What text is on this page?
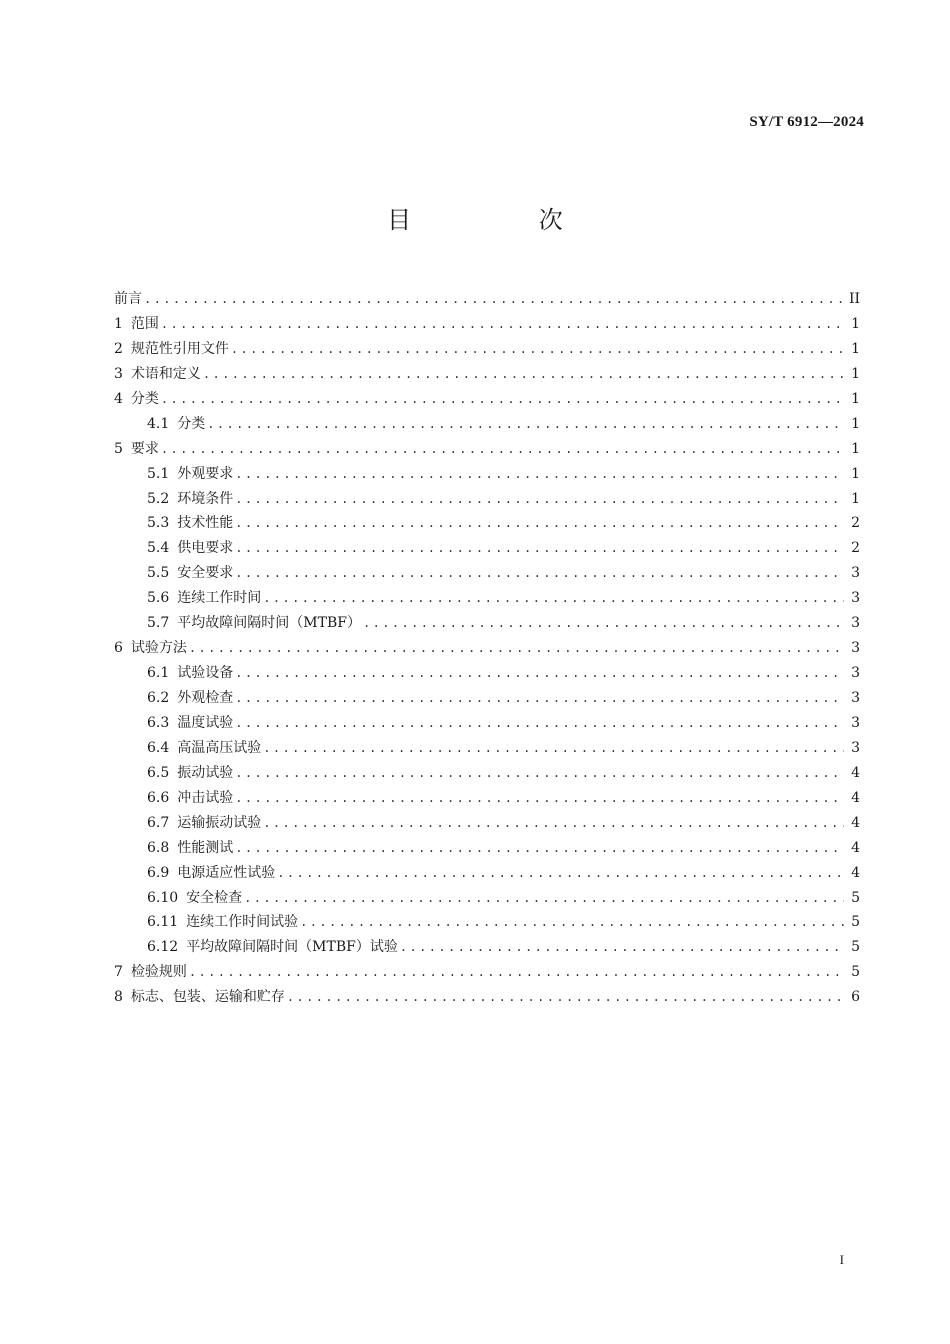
SY/T 6912—2024
目 次
前言 .....	II
1 范围 .....	1
2 规范性引用文件 .....	1
3 术语和定义 .....	1
4 分类 .....	1
4.1 分类 .....	1
5 要求 .....	1
5.1 外观要求 .....	1
5.2 环境条件 .....	1
5.3 技术性能 .....	2
5.4 供电要求 .....	2
5.5 安全要求 .....	3
5.6 连续工作时间 .....	3
5.7 平均故障间隔时间（MTBF） .....	3
6 试验方法 .....	3
6.1 试验设备 .....	3
6.2 外观检查 .....	3
6.3 温度试验 .....	3
6.4 高温高压试验 .....	3
6.5 振动试验 .....	4
6.6 冲击试验 .....	4
6.7 运输振动试验 .....	4
6.8 性能测试 .....	4
6.9 电源适应性试验 .....	4
6.10 安全检查 .....	5
6.11 连续工作时间试验 .....	5
6.12 平均故障间隔时间（MTBF）试验 .....	5
7 检验规则 .....	5
8 标志、包装、运输和贮存 .....	6
I
